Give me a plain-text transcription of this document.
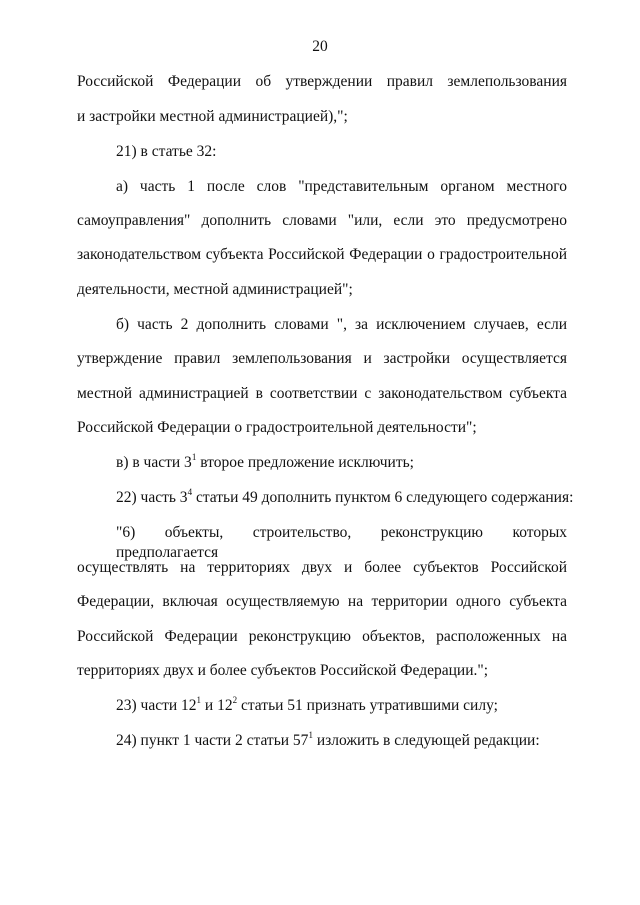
20
Российской Федерации об утверждении правил землепользования
и застройки местной администрацией),";
21) в статье 32:
а) часть 1 после слов "представительным органом местного
самоуправления" дополнить словами "или, если это предусмотрено
законодательством субъекта Российской Федерации о градостроительной
деятельности, местной администрацией";
б) часть 2 дополнить словами ", за исключением случаев, если
утверждение правил землепользования и застройки осуществляется
местной администрацией в соответствии с законодательством субъекта
Российской Федерации о градостроительной деятельности";
в) в части $3^1$ второе предложение исключить;
22) часть $3^4$ статьи 49 дополнить пунктом 6 следующего содержания:
"6) объекты, строительство, реконструкцию которых предполагается
осуществлять на территориях двух и более субъектов Российской
Федерации, включая осуществляемую на территории одного субъекта
Российской Федерации реконструкцию объектов, расположенных на
территориях двух и более субъектов Российской Федерации.";
23) части $12^1$ и $12^2$ статьи 51 признать утратившими силу;
24) пункт 1 части 2 статьи $57^1$ изложить в следующей редакции:
